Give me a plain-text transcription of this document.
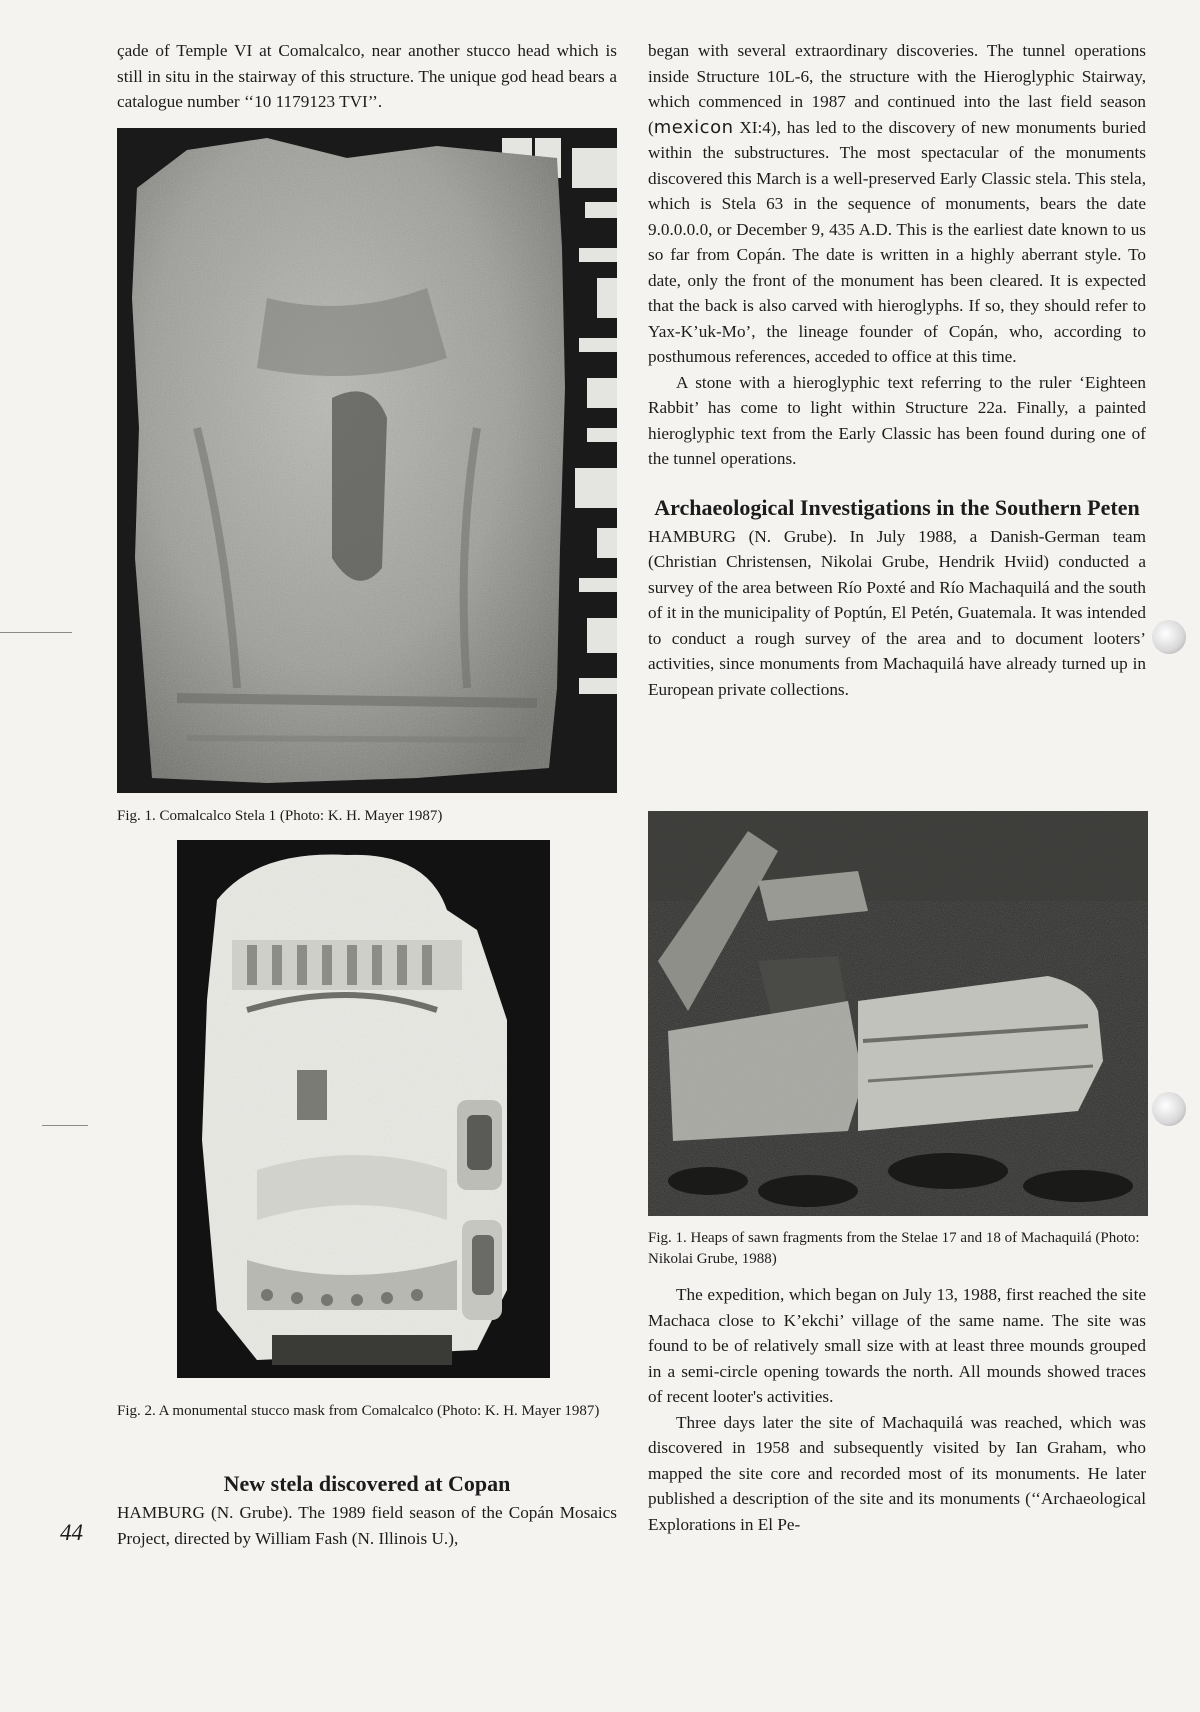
çade of Temple VI at Comalcalco, near another stucco head which is still in situ in the stairway of this structure. The unique god head bears a catalogue number ‘‘10 1179123 TVI’’.

Fig. 1. Comalcalco Stela 1 (Photo: K. H. Mayer 1987)

Fig. 2. A monumental stucco mask from Comalcalco (Photo: K. H. Mayer 1987)

New stela discovered at Copan

HAMBURG (N. Grube). The 1989 field season of the Copán Mosaics Project, directed by William Fash (N. Illinois U.),

44

began with several extraordinary discoveries. The tunnel operations inside Structure 10L-6, the structure with the Hieroglyphic Stairway, which commenced in 1987 and continued into the last field season (mexicon XI:4), has led to the discovery of new monuments buried within the substructures. The most spectacular of the monuments discovered this March is a well-preserved Early Classic stela. This stela, which is Stela 63 in the sequence of monuments, bears the date 9.0.0.0.0, or December 9, 435 A.D. This is the earliest date known to us so far from Copán. The date is written in a highly aberrant style. To date, only the front of the monument has been cleared. It is expected that the back is also carved with hieroglyphs. If so, they should refer to Yax-K’uk-Mo’, the lineage founder of Copán, who, according to posthumous references, acceded to office at this time.

A stone with a hieroglyphic text referring to the ruler ‘Eighteen Rabbit’ has come to light within Structure 22a. Finally, a painted hieroglyphic text from the Early Classic has been found during one of the tunnel operations.

Archaeological Investigations in the Southern Peten

HAMBURG (N. Grube). In July 1988, a Danish-German team (Christian Christensen, Nikolai Grube, Hendrik Hviid) conducted a survey of the area between Río Poxté and Río Machaquilá and the south of it in the municipality of Poptún, El Petén, Guatemala. It was intended to conduct a rough survey of the area and to document looters’ activities, since monuments from Machaquilá have already turned up in European private collections.

Fig. 1. Heaps of sawn fragments from the Stelae 17 and 18 of Machaquilá (Photo: Nikolai Grube, 1988)

The expedition, which began on July 13, 1988, first reached the site Machaca close to K’ekchi’ village of the same name. The site was found to be of relatively small size with at least three mounds grouped in a semi-circle opening towards the north. All mounds showed traces of recent looter's activities.

Three days later the site of Machaquilá was reached, which was discovered in 1958 and subsequently visited by Ian Graham, who mapped the site core and recorded most of its monuments. He later published a description of the site and its monuments (‘‘Archaeological Explorations in El Pe-
